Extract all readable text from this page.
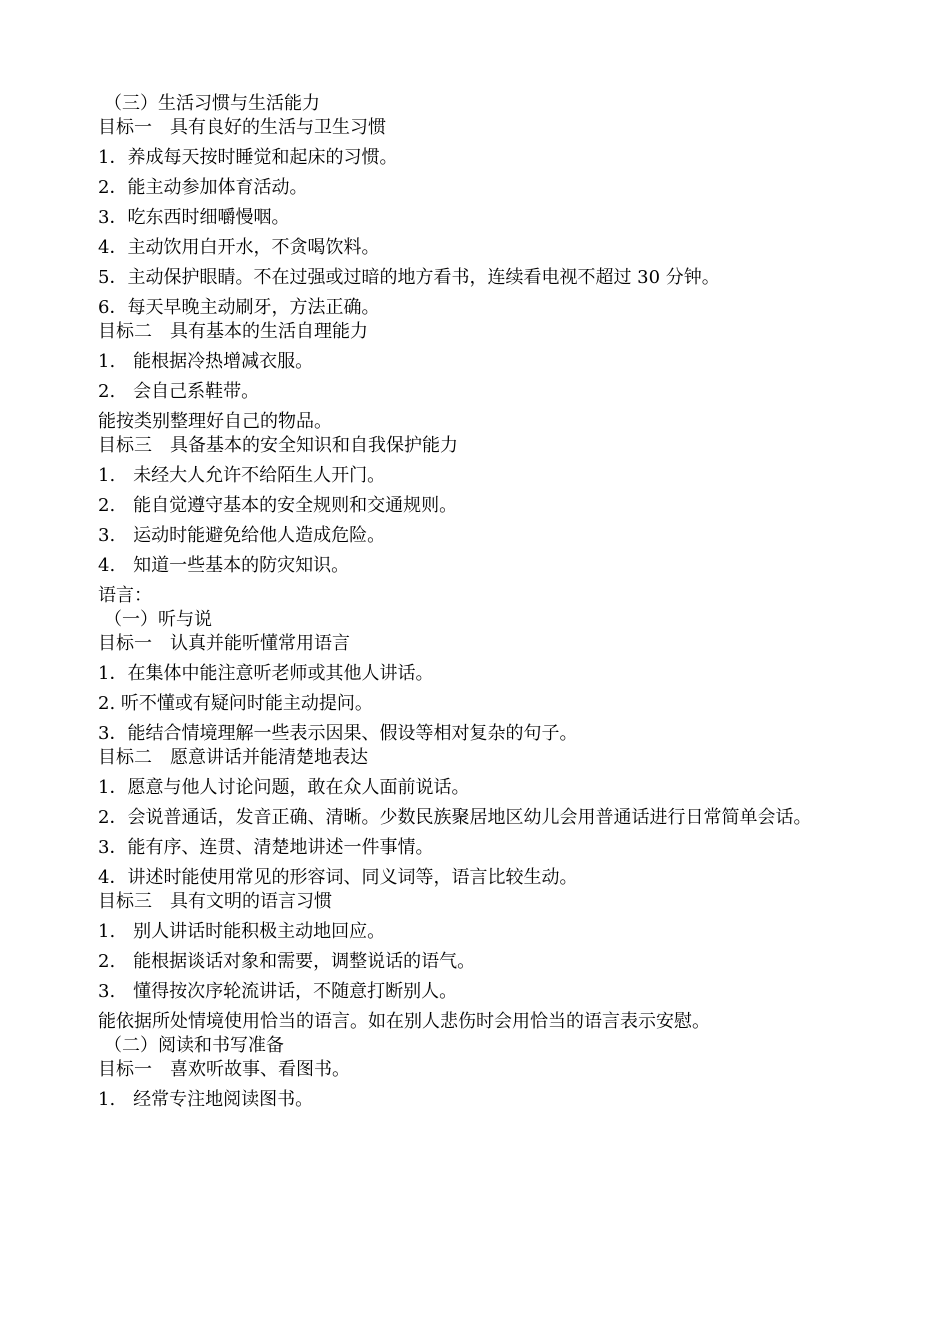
（三）生活习惯与生活能力
目标一　具有良好的生活与卫生习惯
1．养成每天按时睡觉和起床的习惯。
2．能主动参加体育活动。
3．吃东西时细嚼慢咽。
4．主动饮用白开水，不贪喝饮料。
5．主动保护眼睛。不在过强或过暗的地方看书，连续看电视不超过 30 分钟。
6．每天早晚主动刷牙，方法正确。
目标二　具有基本的生活自理能力
1.　能根据冷热增减衣服。
2.　会自己系鞋带。
能按类别整理好自己的物品。
目标三　具备基本的安全知识和自我保护能力
1.　未经大人允许不给陌生人开门。
2.　能自觉遵守基本的安全规则和交通规则。
3.　运动时能避免给他人造成危险。
4.　知道一些基本的防灾知识。
语言：
（一）听与说
目标一　认真并能听懂常用语言
1．在集体中能注意听老师或其他人讲话。
2. 听不懂或有疑问时能主动提问。
3．能结合情境理解一些表示因果、假设等相对复杂的句子。
目标二　愿意讲话并能清楚地表达
1．愿意与他人讨论问题，敢在众人面前说话。
2．会说普通话，发音正确、清晰。少数民族聚居地区幼儿会用普通话进行日常简单会话。
3．能有序、连贯、清楚地讲述一件事情。
4．讲述时能使用常见的形容词、同义词等，语言比较生动。
目标三　具有文明的语言习惯
1.　别人讲话时能积极主动地回应。
2.　能根据谈话对象和需要，调整说话的语气。
3.　懂得按次序轮流讲话，不随意打断别人。
能依据所处情境使用恰当的语言。如在别人悲伤时会用恰当的语言表示安慰。
（二）阅读和书写准备
目标一　喜欢听故事、看图书。
1.　经常专注地阅读图书。
